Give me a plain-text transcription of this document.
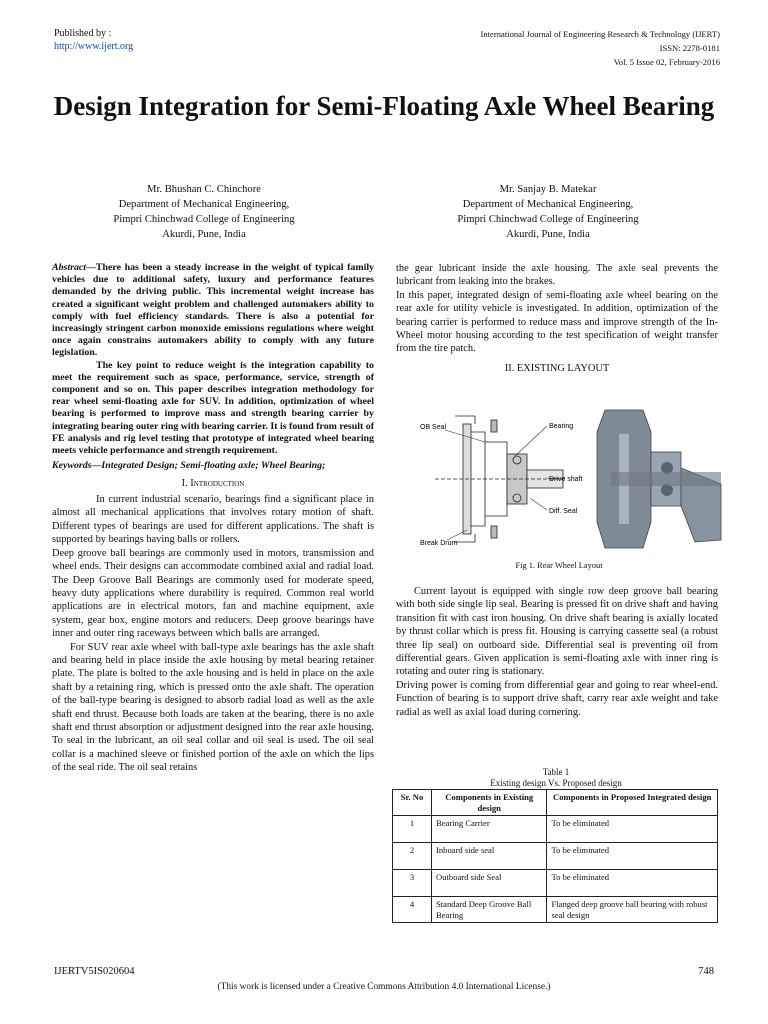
Published by :
http://www.ijert.org
International Journal of Engineering Research & Technology (IJERT)
ISSN: 2278-0181
Vol. 5 Issue 02, February-2016
Design Integration for Semi-Floating Axle Wheel Bearing
Mr. Bhushan C. Chinchore
Department of Mechanical Engineering,
Pimpri Chinchwad College of Engineering
Akurdi, Pune, India
Mr. Sanjay B. Matekar
Department of Mechanical Engineering,
Pimpri Chinchwad College of Engineering
Akurdi, Pune, India

Abstract—There has been a steady increase in the weight of typical family vehicles due to additional safety, luxury and performance features demanded by the driving public. This incremental weight increase has created a significant weight problem and challenged automakers ability to comply with fuel efficiency standards. There is also a potential for increasingly stringent carbon monoxide emissions regulations where weight once again constrains automakers ability to comply with any future legislation.

The key point to reduce weight is the integration capability to meet the requirement such as space, performance, service, strength of component and so on. This paper describes integration methodology for rear wheel semi-floating axle for SUV. In addition, optimization of wheel bearing is performed to improve mass and strength bearing carrier by integrating bearing outer ring with bearing carrier. It is found from result of FE analysis and rig level testing that prototype of integrated wheel bearing meets vehicle performance and strength requirement.

Keywords—Integrated Design; Semi-floating axle; Wheel Bearing;

I. Introduction

In current industrial scenario, bearings find a significant place in almost all mechanical applications that involves rotary motion of shaft. Different types of bearings are used for different applications. The shaft is supported by bearings having balls or rollers.

Deep groove ball bearings are commonly used in motors, transmission and wheel ends. Their designs can accommodate combined axial and radial load. The Deep Groove Ball Bearings are commonly used for moderate speed, heavy duty applications where durability is required. Common real world applications are in electrical motors, fan and machine equipment, axle system, gear box, engine motors and reducers. Deep groove bearings have inner and outer ring raceways between which balls are arranged.

For SUV rear axle wheel with ball-type axle bearings has the axle shaft and bearing held in place inside the axle housing by metal bearing retainer plate. The plate is bolted to the axle housing and is held in place on the axle shaft by a retaining ring, which is pressed onto the axle shaft. The operation of the ball-type bearing is designed to absorb radial load as well as the axle shaft end thrust. Because both loads are taken at the bearing, there is no axle shaft end thrust absorption or adjustment designed into the rear axle housing. To seal in the lubricant, an oil seal collar and oil seal is used. The oil seal collar is a machined sleeve or finished portion of the axle on which the lips of the seal ride. The oil seal retains

the gear lubricant inside the axle housing. The axle seal prevents the lubricant from leaking into the brakes.

In this paper, integrated design of semi-floating axle wheel bearing on the rear axle for utility vehicle is investigated. In addition, optimization of the bearing carrier is performed to reduce mass and improve strength of the In-Wheel motor housing according to the test specification of weight transfer from the tire patch.

II. EXISTING LAYOUT

OB Seal	Bearing
Drive shaft
Diff. Seal
Break Drum
Fig 1. Rear Wheel Layout

Current layout is equipped with single row deep groove ball bearing with both side single lip seal. Bearing is pressed fit on drive shaft and having transition fit with cast iron housing. On drive shaft bearing is axially located by thrust collar which is press fit. Housing is carrying cassette seal (a robust three lip seal) on outboard side. Differential seal is preventing oil from differential gears. Given application is semi-floating axle with inner ring is rotating and outer ring is stationary.

Driving power is coming from differential gear and going to rear wheel-end. Function of bearing is to support drive shaft, carry rear axle weight and take radial as well as axial load during cornering.

Table 1
Existing design Vs. Proposed design
Sr. No	Components in Existing design	Components in Proposed Integrated design
1	Bearing Carrier	To be eliminated
2	Inboard side seal	To be eliminated
3	Outboard side Seal	To be eliminated
4	Standard Deep Groove Ball Bearing	Flanged deep groove ball bearing with robust seal design
IJERTV5IS020604	748
(This work is licensed under a Creative Commons Attribution 4.0 International License.)
